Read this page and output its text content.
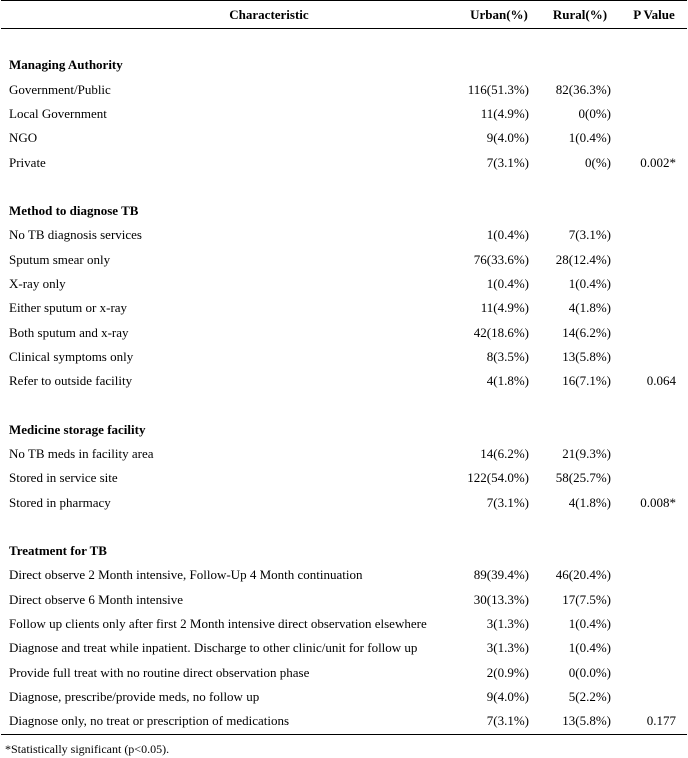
Characteristic	Urban(%)	Rural(%)	P Value

Managing Authority			
Government/Public	116(51.3%)	82(36.3%)	
Local Government	11(4.9%)	0(0%)	
NGO	9(4.0%)	1(0.4%)	
Private	7(3.1%)	0(%)	0.002*

Method to diagnose TB			
No TB diagnosis services	1(0.4%)	7(3.1%)	
Sputum smear only	76(33.6%)	28(12.4%)	
X-ray only	1(0.4%)	1(0.4%)	
Either sputum or x-ray	11(4.9%)	4(1.8%)	
Both sputum and x-ray	42(18.6%)	14(6.2%)	
Clinical symptoms only	8(3.5%)	13(5.8%)	
Refer to outside facility	4(1.8%)	16(7.1%)	0.064

Medicine storage facility			
No TB meds in facility area	14(6.2%)	21(9.3%)	
Stored in service site	122(54.0%)	58(25.7%)	
Stored in pharmacy	7(3.1%)	4(1.8%)	0.008*

Treatment for TB			
Direct observe 2 Month intensive, Follow-Up 4 Month continuation	89(39.4%)	46(20.4%)	
Direct observe 6 Month intensive	30(13.3%)	17(7.5%)	
Follow up clients only after first 2 Month intensive direct observation elsewhere	3(1.3%)	1(0.4%)	
Diagnose and treat while inpatient. Discharge to other clinic/unit for follow up	3(1.3%)	1(0.4%)	
Provide full treat with no routine direct observation phase	2(0.9%)	0(0.0%)	
Diagnose, prescribe/provide meds, no follow up	9(4.0%)	5(2.2%)	
Diagnose only, no treat or prescription of medications	7(3.1%)	13(5.8%)	0.177
*Statistically significant (p<0.05).
